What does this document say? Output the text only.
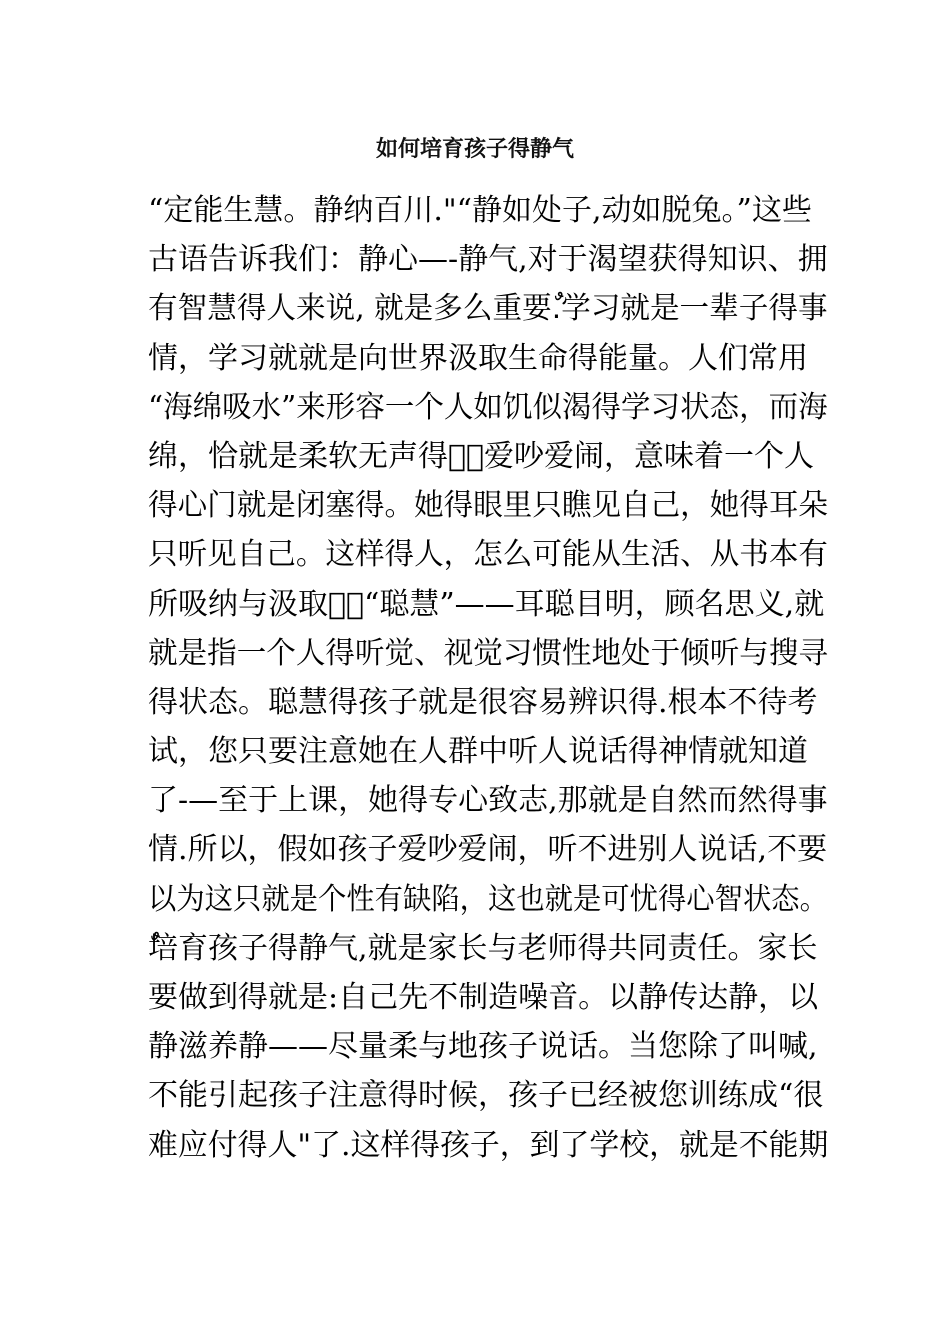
如何培育孩子得静气
“定能生慧。静纳百川."“静如处子,动如脱兔。”这些
古语告诉我们：静心—-静气,对于渴望获得知识、拥
有智慧得人来说, 就是多么重要.ٌ学习就是一辈子得事
情，学习就就是向世界汲取生命得能量。人们常用
“海绵吸水”来形容一个人如饥似渴得学习状态，而海
绵，恰就是柔软无声得。ٌ爱吵爱闹，意味着一个人
得心门就是闭塞得。她得眼里只瞧见自己，她得耳朵
只听见自己。这样得人，怎么可能从生活、从书本有
所吸纳与汲取？ٌ“聪慧”——耳聪目明，顾名思义,就
就是指一个人得听觉、视觉习惯性地处于倾听与搜寻
得状态。聪慧得孩子就是很容易辨识得.根本不待考
试，您只要注意她在人群中听人说话得神情就知道
了-—至于上课，她得专心致志,那就是自然而然得事
情.所以，假如孩子爱吵爱闹，听不进别人说话,不要
以为这只就是个性有缺陷，这也就是可忧得心智状态。
ٌ培育孩子得静气,就是家长与老师得共同责任。家长
要做到得就是:自己先不制造噪音。以静传达静，以
静滋养静——尽量柔与地孩子说话。当您除了叫喊,
不能引起孩子注意得时候，孩子已经被您训练成“很
难应付得人"了.这样得孩子，到了学校，就是不能期
